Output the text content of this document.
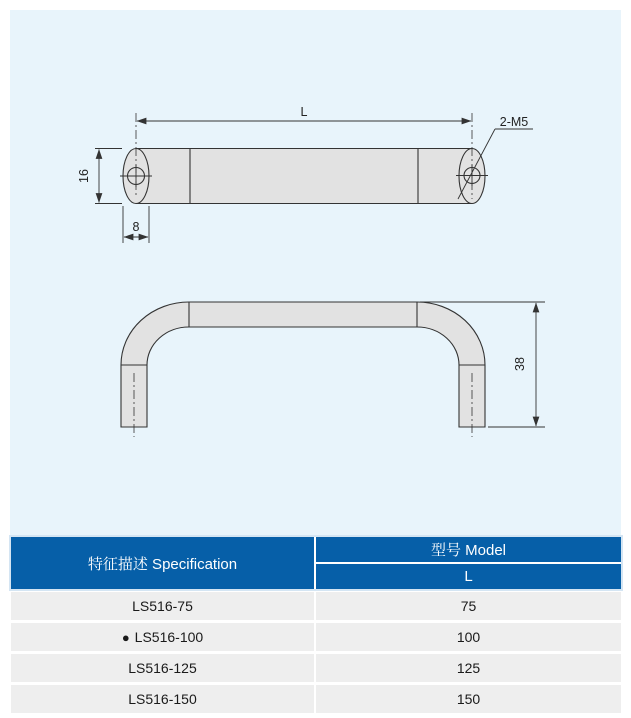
L
2-M5
16
8
38
特征描述 Specification
型号 Model
L
LS516-75	75
● LS516-100	100
LS516-125	125
LS516-150	150
